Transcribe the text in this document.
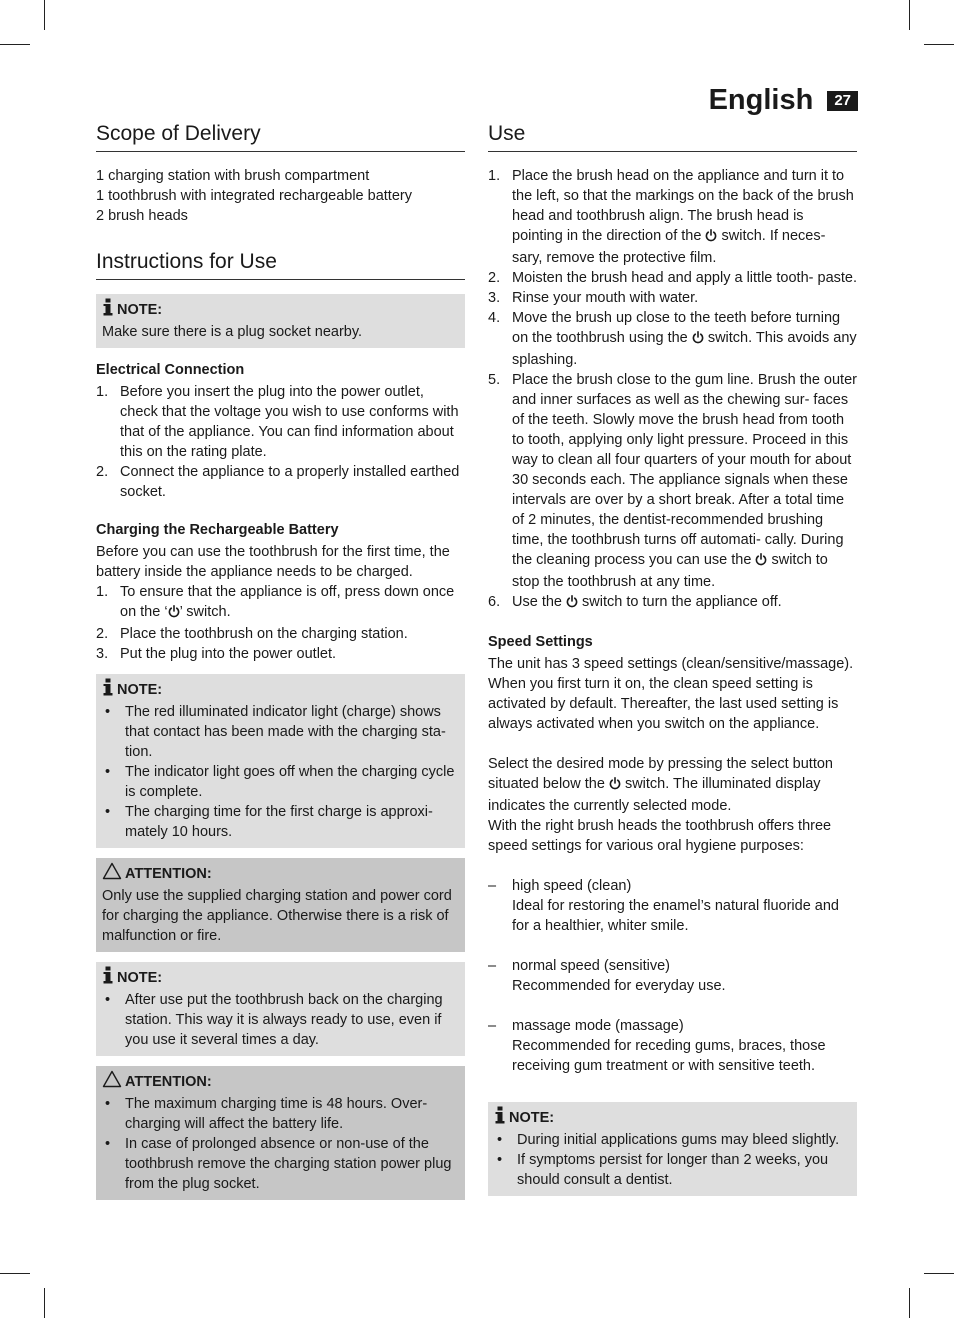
English	27
Scope of Delivery
1 charging station with brush compartment
1 toothbrush with integrated rechargeable battery
2 brush heads
Instructions for Use
NOTE:

Make sure there is a plug socket nearby.

Electrical Connection
1. Before you insert the plug into the power outlet, check that the voltage you wish to use conforms with that of the appliance. You can find information about this on the rating plate.
2. Connect the appliance to a properly installed earthed socket.
Charging the Rechargeable Battery

Before you can use the toothbrush for the first time, the battery inside the appliance needs to be charged.

1. To ensure that the appliance is off, press down once on the ‘ ’ switch.
2. Place the toothbrush on the charging station.
3. Put the plug into the power outlet.
NOTE:
• The red illuminated indicator light (charge) shows that contact has been made with the charging sta- tion.
• The indicator light goes off when the charging cycle is complete.
• The charging time for the first charge is approxi- mately 10 hours.
ATTENTION:

Only use the supplied charging station and power cord for charging the appliance. Otherwise there is a risk of malfunction or fire.

NOTE:
• After use put the toothbrush back on the charging station. This way it is always ready to use, even if you use it several times a day.
ATTENTION:
• The maximum charging time is 48 hours. Over- charging will affect the battery life.
• In case of prolonged absence or non-use of the toothbrush remove the charging station power plug from the plug socket.
Use
1. Place the brush head on the appliance and turn it to the left, so that the markings on the back of the brush head and toothbrush align. The brush head is pointing in the direction of the switch. If neces- sary, remove the protective film.
2. Moisten the brush head and apply a little tooth- paste.
3. Rinse your mouth with water.
4. Move the brush up close to the teeth before turning on the toothbrush using the switch. This avoids any splashing.
5. Place the brush close to the gum line. Brush the outer and inner surfaces as well as the chewing sur- faces of the teeth. Slowly move the brush head from tooth to tooth, applying only light pressure. Proceed in this way to clean all four quarters of your mouth for about 30 seconds each. The appliance signals when these intervals are over by a short break. After a total time of 2 minutes, the dentist-recommended brushing time, the toothbrush turns off automati- cally. During the cleaning process you can use the switch to stop the toothbrush at any time.
6. Use the switch to turn the appliance off.
Speed Settings

The unit has 3 speed settings (clean/sensitive/massage). When you first turn it on, the clean speed setting is activated by default. Thereafter, the last used setting is always activated when you switch on the appliance.

Select the desired mode by pressing the select button situated below the switch. The illuminated display indicates the currently selected mode.

With the right brush heads the toothbrush offers three speed settings for various oral hygiene purposes:

– high speed (clean)
Ideal for restoring the enamel’s natural fluoride and for a healthier, whiter smile.
– normal speed (sensitive)
Recommended for everyday use.
– massage mode (massage)
Recommended for receding gums, braces, those receiving gum treatment or with sensitive teeth.
NOTE:
• During initial applications gums may bleed slightly.
• If symptoms persist for longer than 2 weeks, you should consult a dentist.
